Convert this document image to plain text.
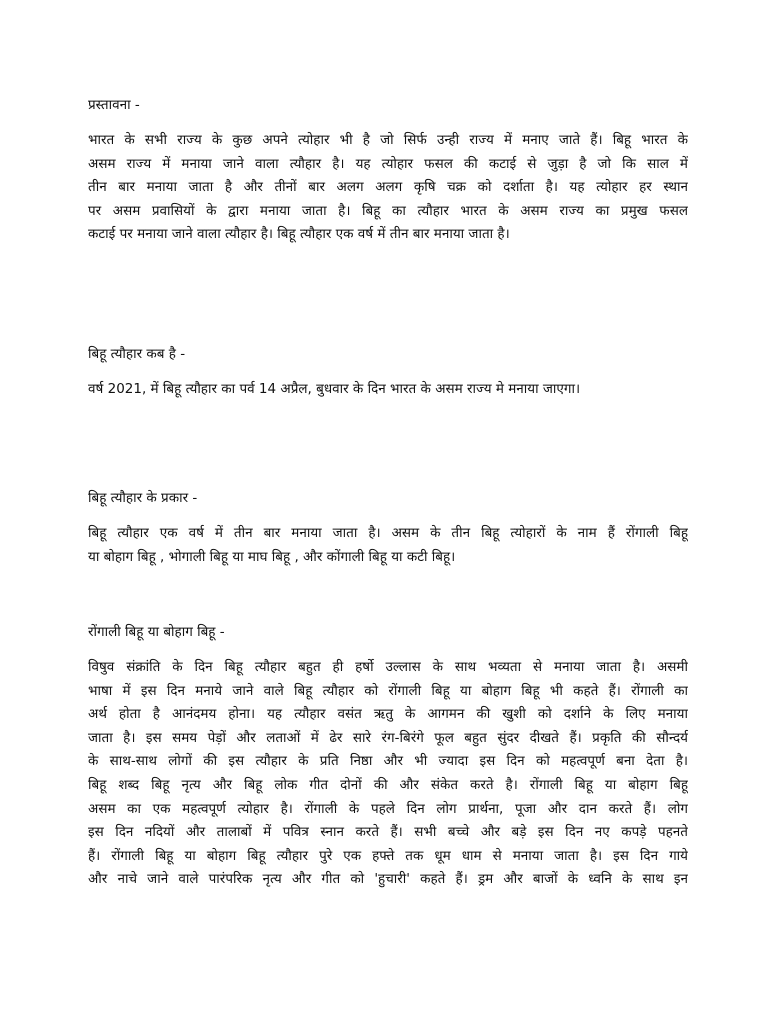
प्रस्तावना -
भारत के सभी राज्य के कुछ अपने त्योहार भी है जो सिर्फ उन्ही राज्य में मनाए जाते हैं। बिहू भारत के
असम राज्य में मनाया जाने वाला त्यौहार है। यह त्योहार फसल की कटाई से जुड़ा है जो कि साल में
तीन बार मनाया जाता है और तीनों बार अलग अलग कृषि चक्र को दर्शाता है। यह त्योहार हर स्थान
पर असम प्रवासियों के द्वारा मनाया जाता है। बिहू का त्यौहार भारत के असम राज्य का प्रमुख फसल
कटाई पर मनाया जाने वाला त्यौहार है। बिहू त्यौहार एक वर्ष में तीन बार मनाया जाता है।
बिहू त्यौहार कब है -
वर्ष 2021, में बिहू त्यौहार का पर्व 14 अप्रैल, बुधवार के दिन भारत के असम राज्य मे मनाया जाएगा।
बिहू त्यौहार के प्रकार -
बिहू त्यौहार एक वर्ष में तीन बार मनाया जाता है। असम के तीन बिहू त्योहारों के नाम हैं रोंगाली बिहू
या बोहाग बिहू , भोगाली बिहू या माघ बिहू , और कोंगाली बिहू या कटी बिहू।
रोंगाली बिहू या बोहाग बिहू -
विषुव संक्रांति के दिन बिहू त्यौहार बहुत ही हर्षो उल्लास के साथ भव्यता से मनाया जाता है। असमी
भाषा में इस दिन मनाये जाने वाले बिहू त्यौहार को रोंगाली बिहू या बोहाग बिहू भी कहते हैं। रोंगाली का
अर्थ होता है आनंदमय होना। यह त्यौहार वसंत ऋतु के आगमन की खुशी को दर्शाने के लिए मनाया
जाता है। इस समय पेड़ों और लताओं में ढेर सारे रंग-बिरंगे फूल बहुत सुंदर दीखते हैं। प्रकृति की सौन्दर्य
के साथ-साथ लोगों की इस त्यौहार के प्रति निष्ठा और भी ज्यादा इस दिन को महत्वपूर्ण बना देता है।
बिहू शब्द बिहू नृत्य और बिहू लोक गीत दोनों की और संकेत करते है। रोंगाली बिहू या बोहाग बिहू
असम का एक महत्वपूर्ण त्योहार है। रोंगाली के पहले दिन लोग प्रार्थना, पूजा और दान करते हैं। लोग
इस दिन नदियों और तालाबों में पवित्र स्नान करते हैं। सभी बच्चे और बड़े इस दिन नए कपड़े पहनते
हैं। रोंगाली बिहू या बोहाग बिहू त्यौहार पुरे एक हफ्ते तक धूम धाम से मनाया जाता है। इस दिन गाये
और नाचे जाने वाले पारंपरिक नृत्य और गीत को 'हुचारी' कहते हैं। ड्रम और बाजों के ध्वनि के साथ इन
